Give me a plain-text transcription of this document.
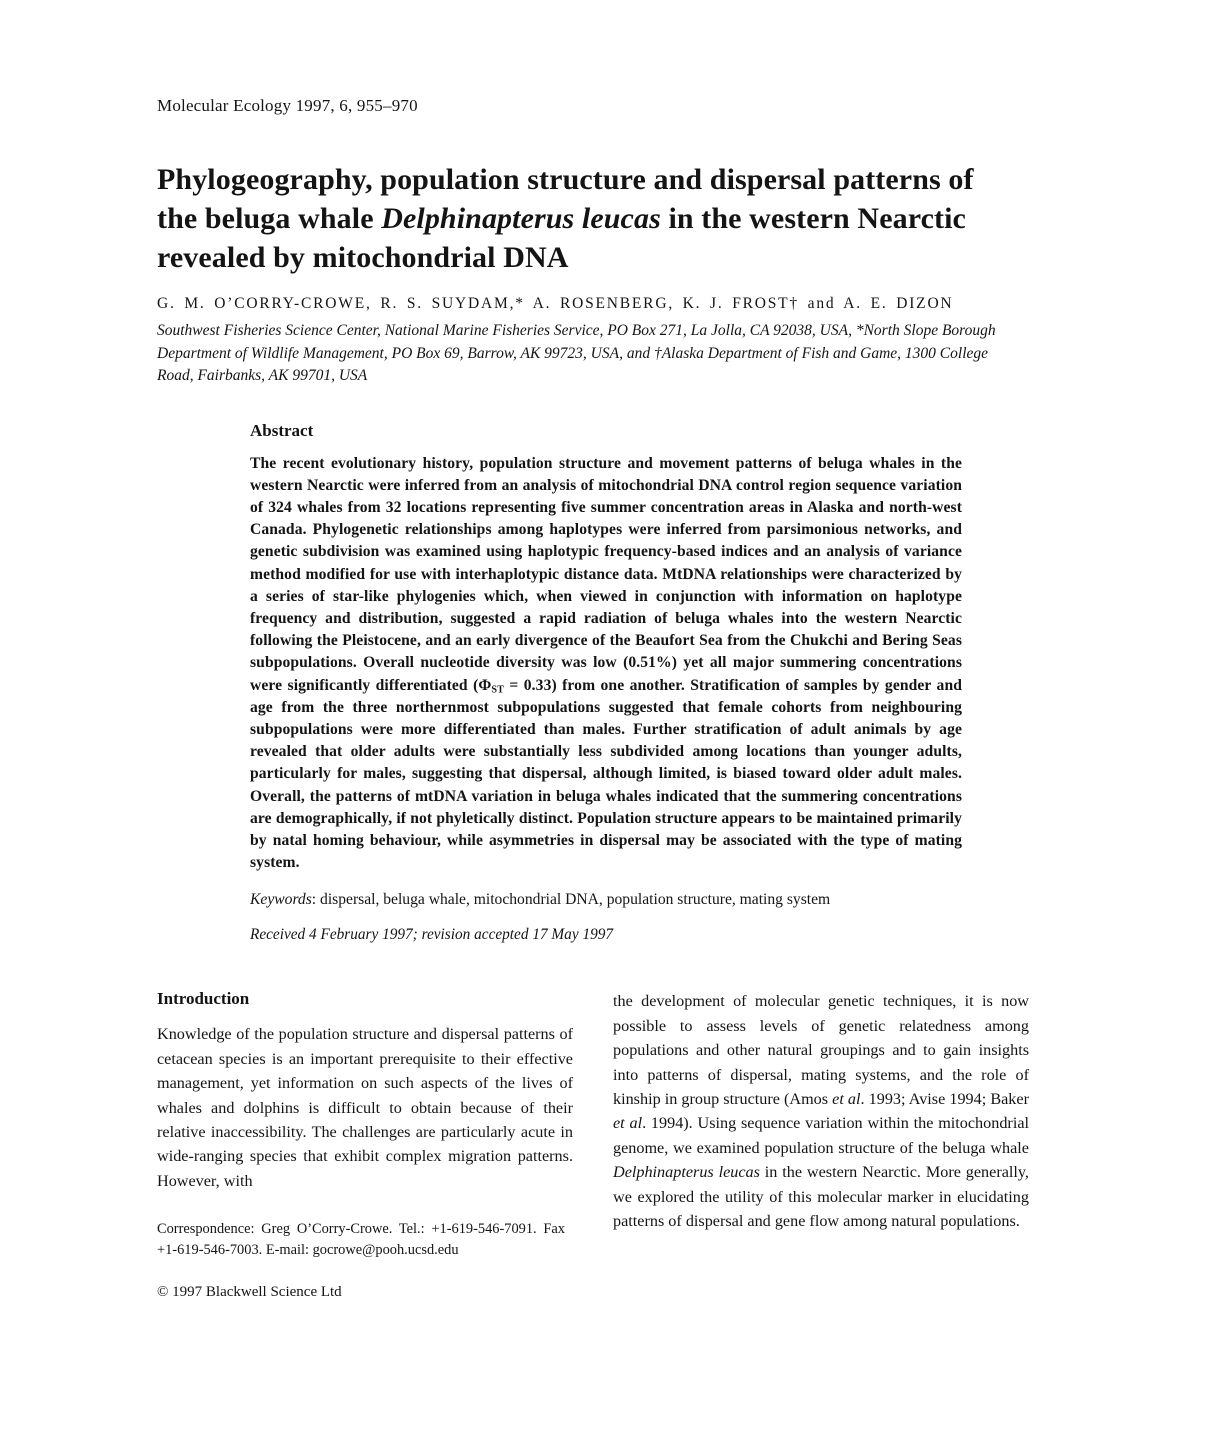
Molecular Ecology 1997, 6, 955–970
Phylogeography, population structure and dispersal patterns of the beluga whale Delphinapterus leucas in the western Nearctic revealed by mitochondrial DNA
G. M. O’CORRY-CROWE, R. S. SUYDAM,* A. ROSENBERG, K. J. FROST† and A. E. DIZON
Southwest Fisheries Science Center, National Marine Fisheries Service, PO Box 271, La Jolla, CA 92038, USA, *North Slope Borough Department of Wildlife Management, PO Box 69, Barrow, AK 99723, USA, and †Alaska Department of Fish and Game, 1300 College Road, Fairbanks, AK 99701, USA
Abstract

The recent evolutionary history, population structure and movement patterns of beluga whales in the western Nearctic were inferred from an analysis of mitochondrial DNA control region sequence variation of 324 whales from 32 locations representing five summer concentration areas in Alaska and north-west Canada. Phylogenetic relationships among haplotypes were inferred from parsimonious networks, and genetic subdivision was examined using haplotypic frequency-based indices and an analysis of variance method modified for use with interhaplotypic distance data. MtDNA relationships were characterized by a series of star-like phylogenies which, when viewed in conjunction with information on haplotype frequency and distribution, suggested a rapid radiation of beluga whales into the western Nearctic following the Pleistocene, and an early divergence of the Beaufort Sea from the Chukchi and Bering Seas subpopulations. Overall nucleotide diversity was low (0.51%) yet all major summering concentrations were significantly differentiated $(\Phi_{ST} = 0.33)$ from one another. Stratification of samples by gender and age from the three northernmost subpopulations suggested that female cohorts from neighbouring subpopulations were more differentiated than males. Further stratification of adult animals by age revealed that older adults were substantially less subdivided among locations than younger adults, particularly for males, suggesting that dispersal, although limited, is biased toward older adult males. Overall, the patterns of mtDNA variation in beluga whales indicated that the summering concentrations are demographically, if not phyletically distinct. Population structure appears to be maintained primarily by natal homing behaviour, while asymmetries in dispersal may be associated with the type of mating system.

Keywords: dispersal, beluga whale, mitochondrial DNA, population structure, mating system

Received 4 February 1997; revision accepted 17 May 1997

Introduction

Knowledge of the population structure and dispersal patterns of cetacean species is an important prerequisite to their effective management, yet information on such aspects of the lives of whales and dolphins is difficult to obtain because of their relative inaccessibility. The challenges are particularly acute in wide-ranging species that exhibit complex migration patterns. However, with

Correspondence: Greg O’Corry-Crowe. Tel.: +1-619-546-7091. Fax +1-619-546-7003. E-mail: gocrowe@pooh.ucsd.edu

© 1997 Blackwell Science Ltd

the development of molecular genetic techniques, it is now possible to assess levels of genetic relatedness among populations and other natural groupings and to gain insights into patterns of dispersal, mating systems, and the role of kinship in group structure (Amos et al. 1993; Avise 1994; Baker et al. 1994). Using sequence variation within the mitochondrial genome, we examined population structure of the beluga whale Delphinapterus leucas in the western Nearctic. More generally, we explored the utility of this molecular marker in elucidating patterns of dispersal and gene flow among natural populations.
